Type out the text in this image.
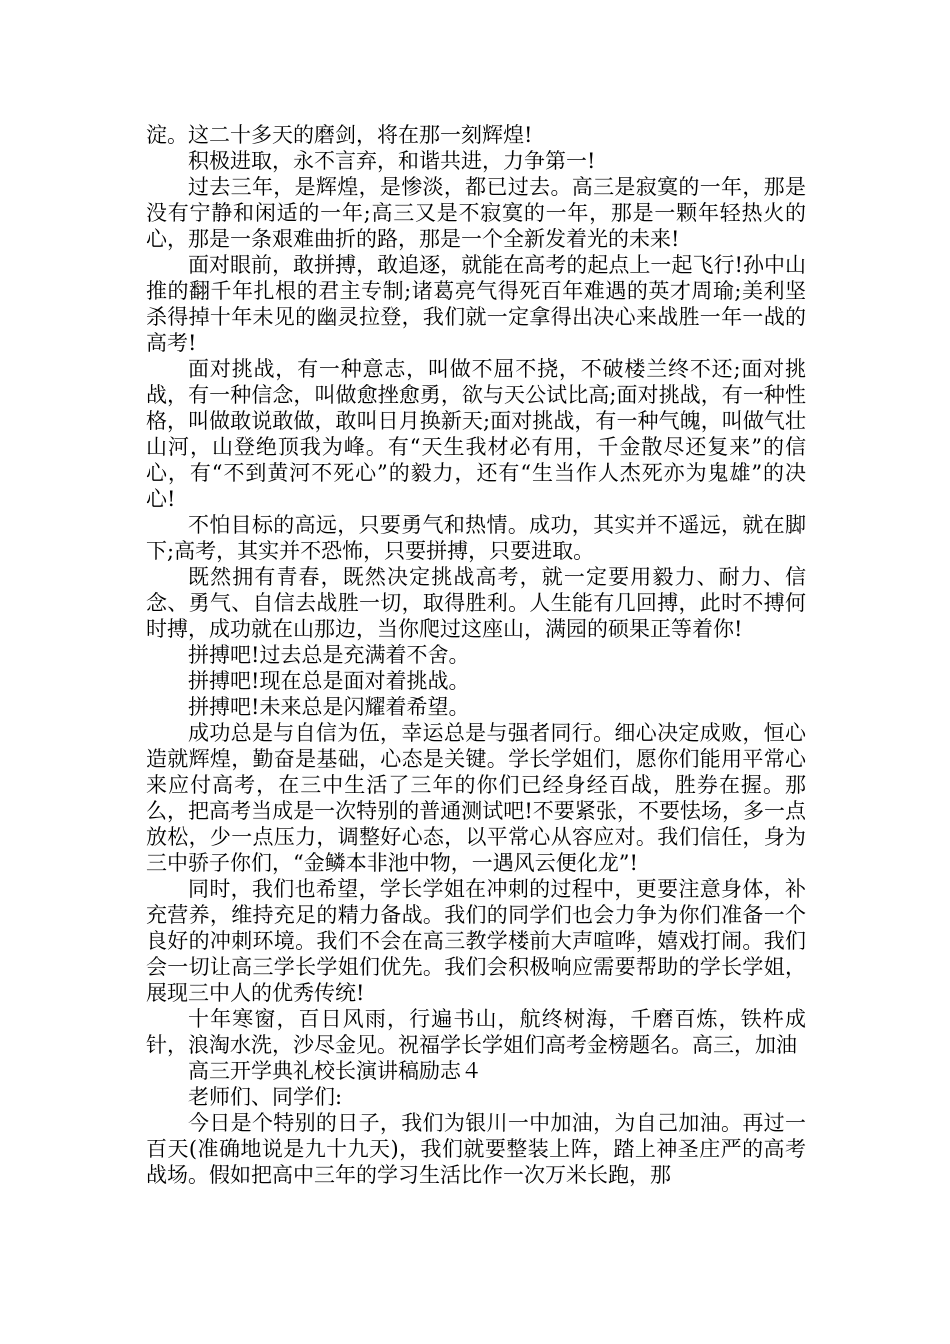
淀。这二十多天的磨剑，将在那一刻辉煌!

积极进取，永不言弃，和谐共进，力争第一!

过去三年，是辉煌，是惨淡，都已过去。高三是寂寞的一年，那是没有宁静和闲适的一年;高三又是不寂寞的一年，那是一颗年轻热火的心，那是一条艰难曲折的路，那是一个全新发着光的未来!

面对眼前，敢拼搏，敢追逐，就能在高考的起点上一起飞行!孙中山推的翻千年扎根的君主专制;诸葛亮气得死百年难遇的英才周瑜;美利坚杀得掉十年未见的幽灵拉登，我们就一定拿得出决心来战胜一年一战的高考!

面对挑战，有一种意志，叫做不屈不挠，不破楼兰终不还;面对挑战，有一种信念，叫做愈挫愈勇，欲与天公试比高;面对挑战，有一种性格，叫做敢说敢做，敢叫日月换新天;面对挑战，有一种气魄，叫做气壮山河，山登绝顶我为峰。有“天生我材必有用，千金散尽还复来”的信心，有“不到黄河不死心”的毅力，还有“生当作人杰死亦为鬼雄”的决心!

不怕目标的高远，只要勇气和热情。成功，其实并不遥远，就在脚下;高考，其实并不恐怖，只要拼搏，只要进取。

既然拥有青春，既然决定挑战高考，就一定要用毅力、耐力、信念、勇气、自信去战胜一切，取得胜利。人生能有几回搏，此时不搏何时搏，成功就在山那边，当你爬过这座山，满园的硕果正等着你!

拼搏吧!过去总是充满着不舍。

拼搏吧!现在总是面对着挑战。

拼搏吧!未来总是闪耀着希望。

成功总是与自信为伍，幸运总是与强者同行。细心决定成败，恒心造就辉煌，勤奋是基础，心态是关键。学长学姐们，愿你们能用平常心来应付高考，在三中生活了三年的你们已经身经百战，胜券在握。那么，把高考当成是一次特别的普通测试吧!不要紧张，不要怯场，多一点放松，少一点压力，调整好心态，以平常心从容应对。我们信任，身为三中骄子你们，“金鳞本非池中物，一遇风云便化龙”!

同时，我们也希望，学长学姐在冲刺的过程中，更要注意身体，补充营养，维持充足的精力备战。我们的同学们也会力争为你们准备一个良好的冲刺环境。我们不会在高三教学楼前大声喧哗，嬉戏打闹。我们会一切让高三学长学姐们优先。我们会积极响应需要帮助的学长学姐，展现三中人的优秀传统!

十年寒窗，百日风雨，行遍书山，航终树海，千磨百炼，铁杵成针，浪淘水洗，沙尽金见。祝福学长学姐们高考金榜题名。高三，加油

高三开学典礼校长演讲稿励志４

老师们、同学们:

今日是个特别的日子，我们为银川一中加油，为自己加油。再过一百天(准确地说是九十九天)，我们就要整装上阵，踏上神圣庄严的高考战场。假如把高中三年的学习生活比作一次万米长跑，那
